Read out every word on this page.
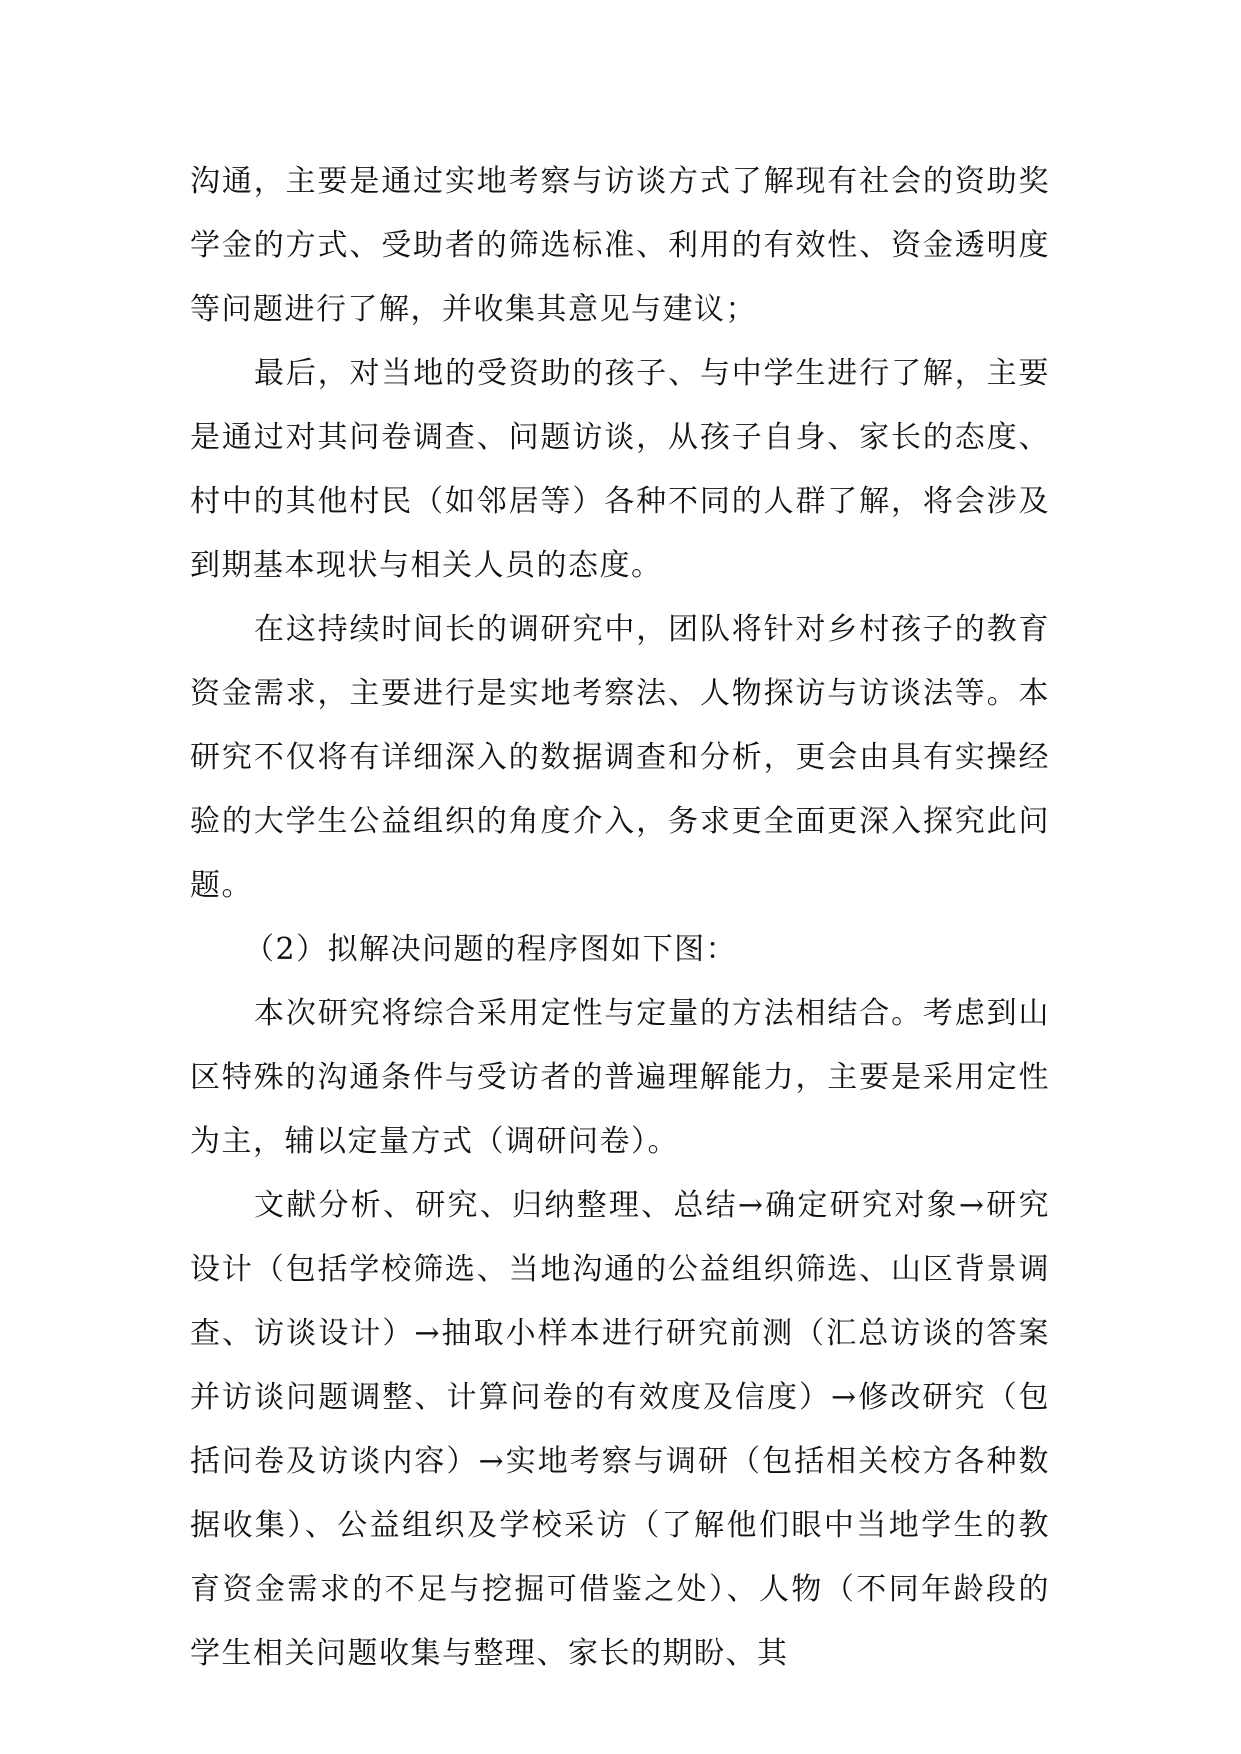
沟通，主要是通过实地考察与访谈方式了解现有社会的资助奖学金的方式、受助者的筛选标准、利用的有效性、资金透明度等问题进行了解，并收集其意见与建议；

最后，对当地的受资助的孩子、与中学生进行了解，主要是通过对其问卷调查、问题访谈，从孩子自身、家长的态度、村中的其他村民（如邻居等）各种不同的人群了解，将会涉及到期基本现状与相关人员的态度。

在这持续时间长的调研究中，团队将针对乡村孩子的教育资金需求，主要进行是实地考察法、人物探访与访谈法等。本研究不仅将有详细深入的数据调查和分析，更会由具有实操经验的大学生公益组织的角度介入，务求更全面更深入探究此问题。

（2）拟解决问题的程序图如下图：

本次研究将综合采用定性与定量的方法相结合。考虑到山区特殊的沟通条件与受访者的普遍理解能力，主要是采用定性为主，辅以定量方式（调研问卷）。

文献分析、研究、归纳整理、总结→确定研究对象→研究设计（包括学校筛选、当地沟通的公益组织筛选、山区背景调查、访谈设计）→抽取小样本进行研究前测（汇总访谈的答案并访谈问题调整、计算问卷的有效度及信度）→修改研究（包括问卷及访谈内容）→实地考察与调研（包括相关校方各种数据收集）、公益组织及学校采访（了解他们眼中当地学生的教育资金需求的不足与挖掘可借鉴之处）、人物（不同年龄段的学生相关问题收集与整理、家长的期盼、其
